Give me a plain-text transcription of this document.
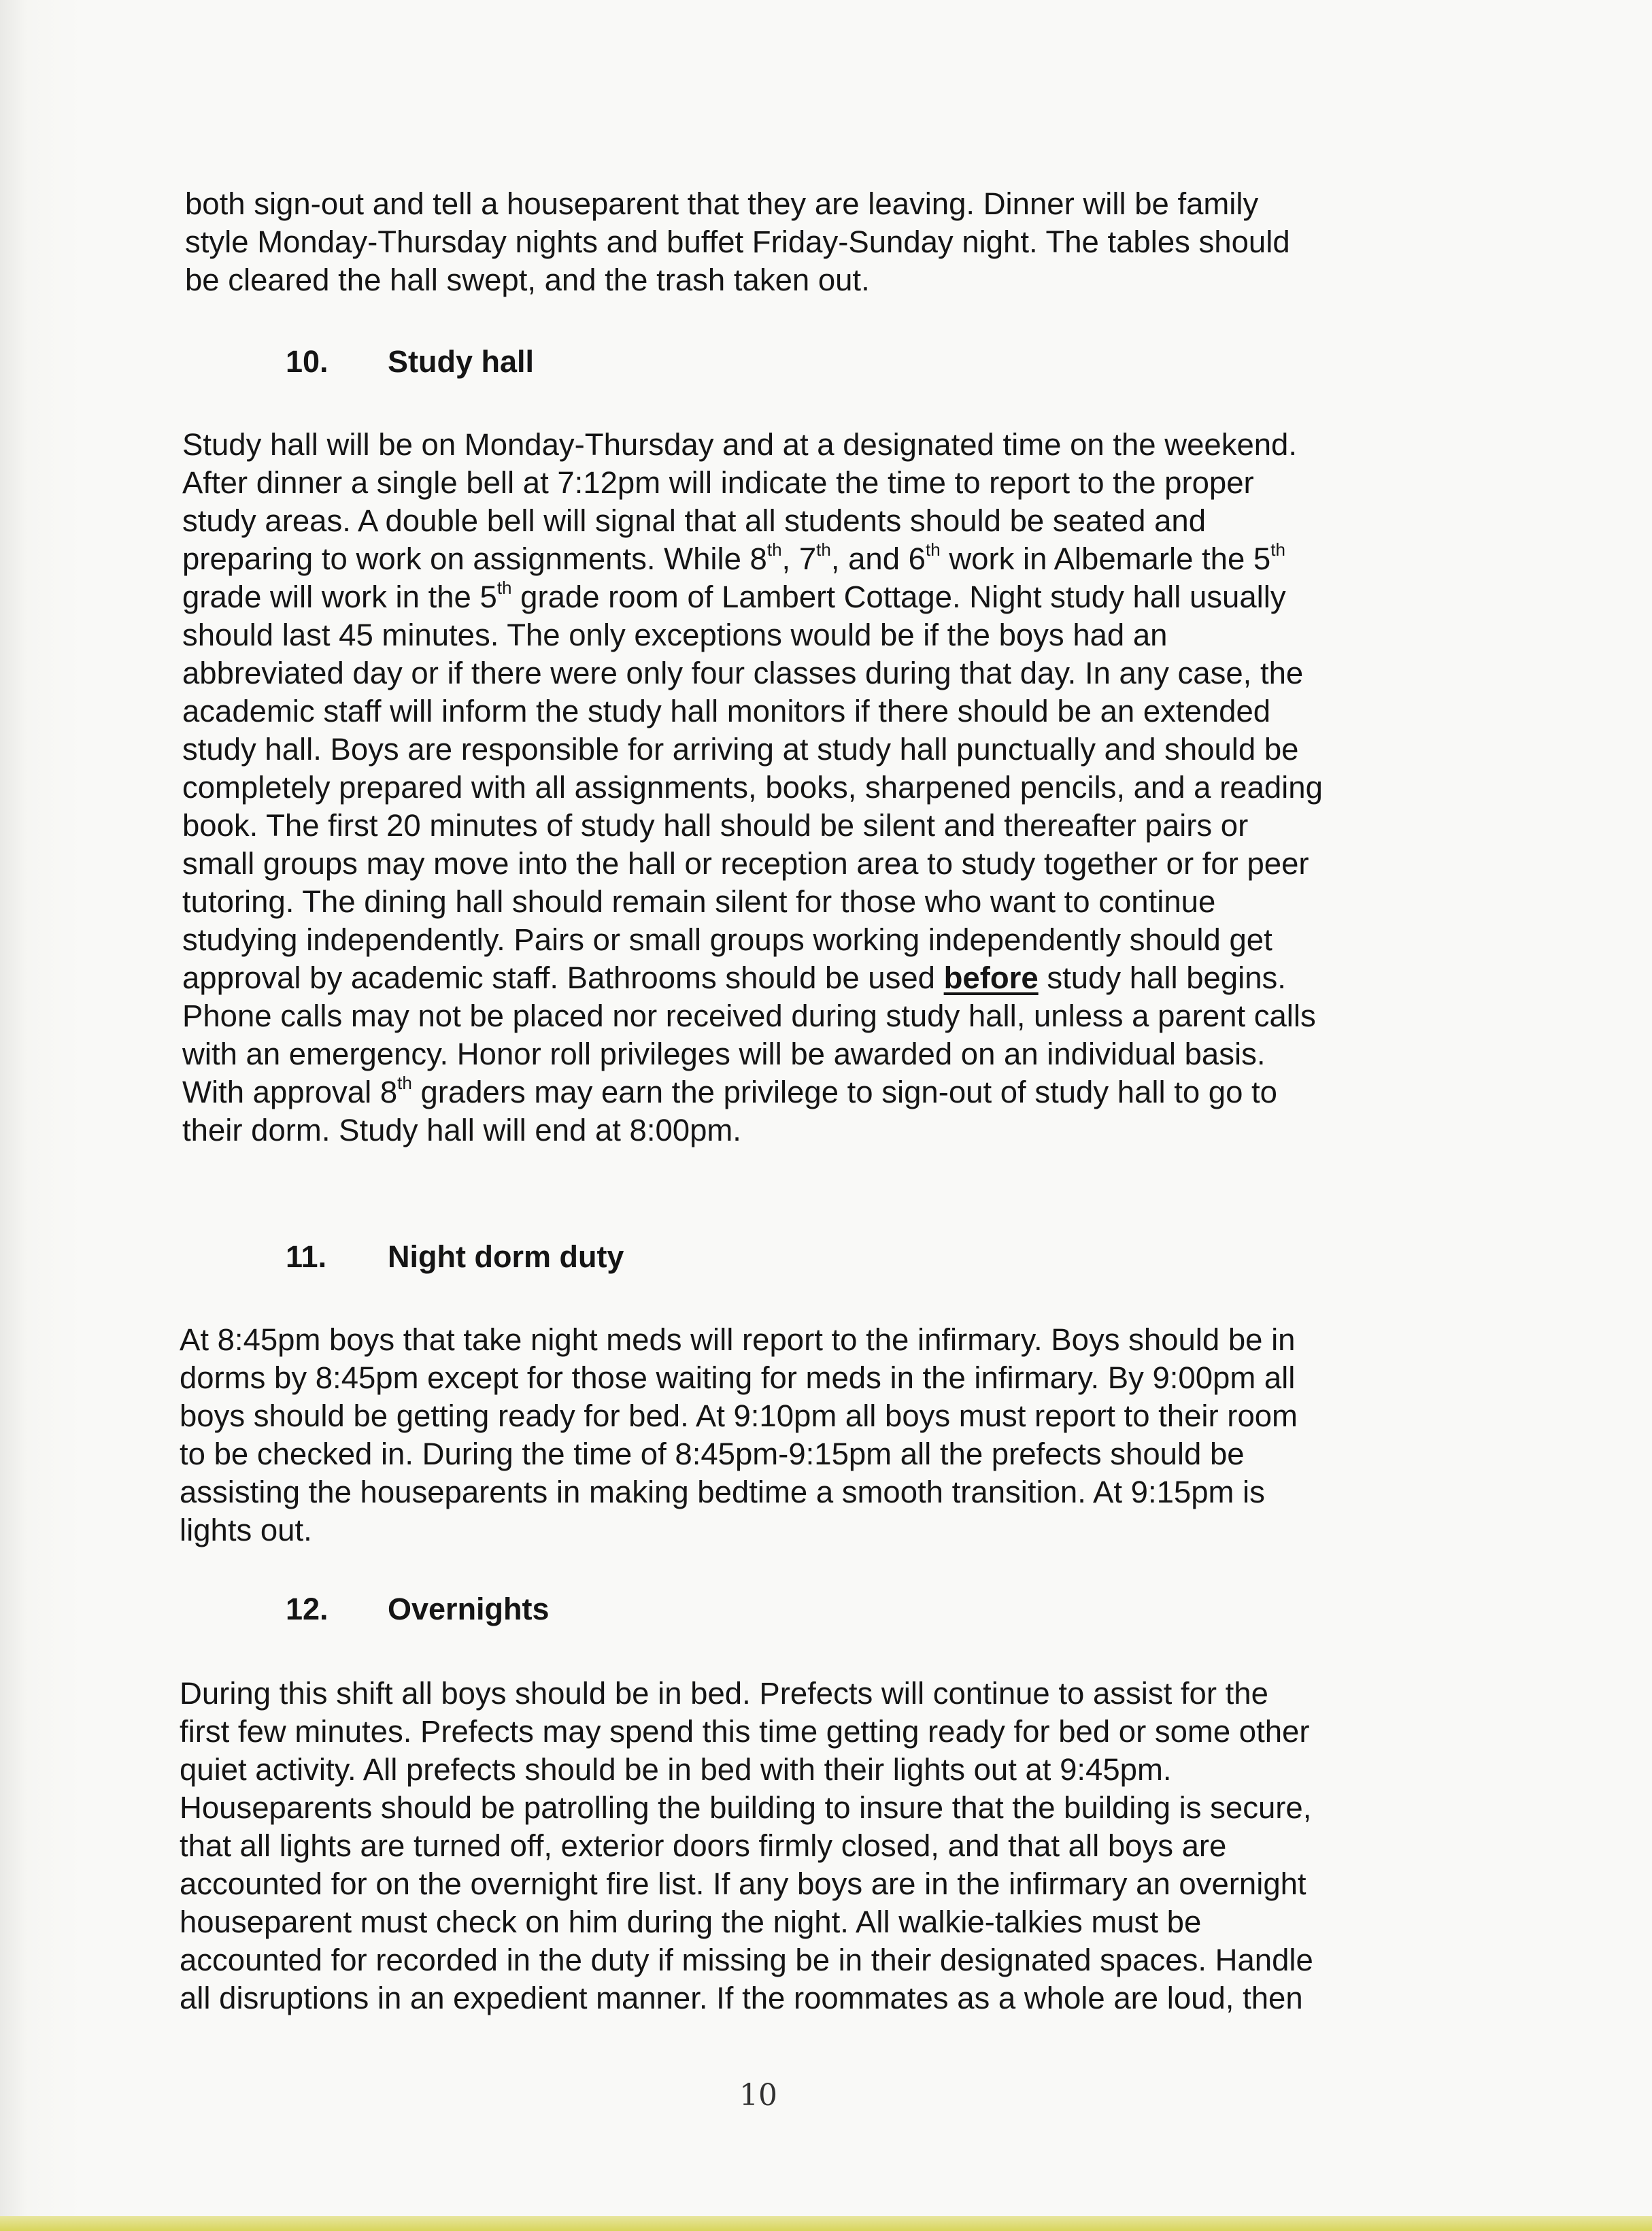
both sign-out and tell a houseparent that they are leaving. Dinner will be family
style Monday-Thursday nights and buffet Friday-Sunday night. The tables should
be cleared the hall swept, and the trash taken out.
10. Study hall
Study hall will be on Monday-Thursday and at a designated time on the weekend.
After dinner a single bell at 7:12pm will indicate the time to report to the proper
study areas. A double bell will signal that all students should be seated and
preparing to work on assignments. While 8th, 7th, and 6th work in Albemarle the 5th
grade will work in the 5th grade room of Lambert Cottage. Night study hall usually
should last 45 minutes. The only exceptions would be if the boys had an
abbreviated day or if there were only four classes during that day. In any case, the
academic staff will inform the study hall monitors if there should be an extended
study hall. Boys are responsible for arriving at study hall punctually and should be
completely prepared with all assignments, books, sharpened pencils, and a reading
book. The first 20 minutes of study hall should be silent and thereafter pairs or
small groups may move into the hall or reception area to study together or for peer
tutoring. The dining hall should remain silent for those who want to continue
studying independently. Pairs or small groups working independently should get
approval by academic staff. Bathrooms should be used before study hall begins.
Phone calls may not be placed nor received during study hall, unless a parent calls
with an emergency. Honor roll privileges will be awarded on an individual basis.
With approval 8th graders may earn the privilege to sign-out of study hall to go to
their dorm. Study hall will end at 8:00pm.
11. Night dorm duty
At 8:45pm boys that take night meds will report to the infirmary. Boys should be in
dorms by 8:45pm except for those waiting for meds in the infirmary. By 9:00pm all
boys should be getting ready for bed. At 9:10pm all boys must report to their room
to be checked in. During the time of 8:45pm-9:15pm all the prefects should be
assisting the houseparents in making bedtime a smooth transition. At 9:15pm is
lights out.
12. Overnights
During this shift all boys should be in bed. Prefects will continue to assist for the
first few minutes. Prefects may spend this time getting ready for bed or some other
quiet activity. All prefects should be in bed with their lights out at 9:45pm.
Houseparents should be patrolling the building to insure that the building is secure,
that all lights are turned off, exterior doors firmly closed, and that all boys are
accounted for on the overnight fire list. If any boys are in the infirmary an overnight
houseparent must check on him during the night. All walkie-talkies must be
accounted for recorded in the duty if missing be in their designated spaces. Handle
all disruptions in an expedient manner. If the roommates as a whole are loud, then
10
